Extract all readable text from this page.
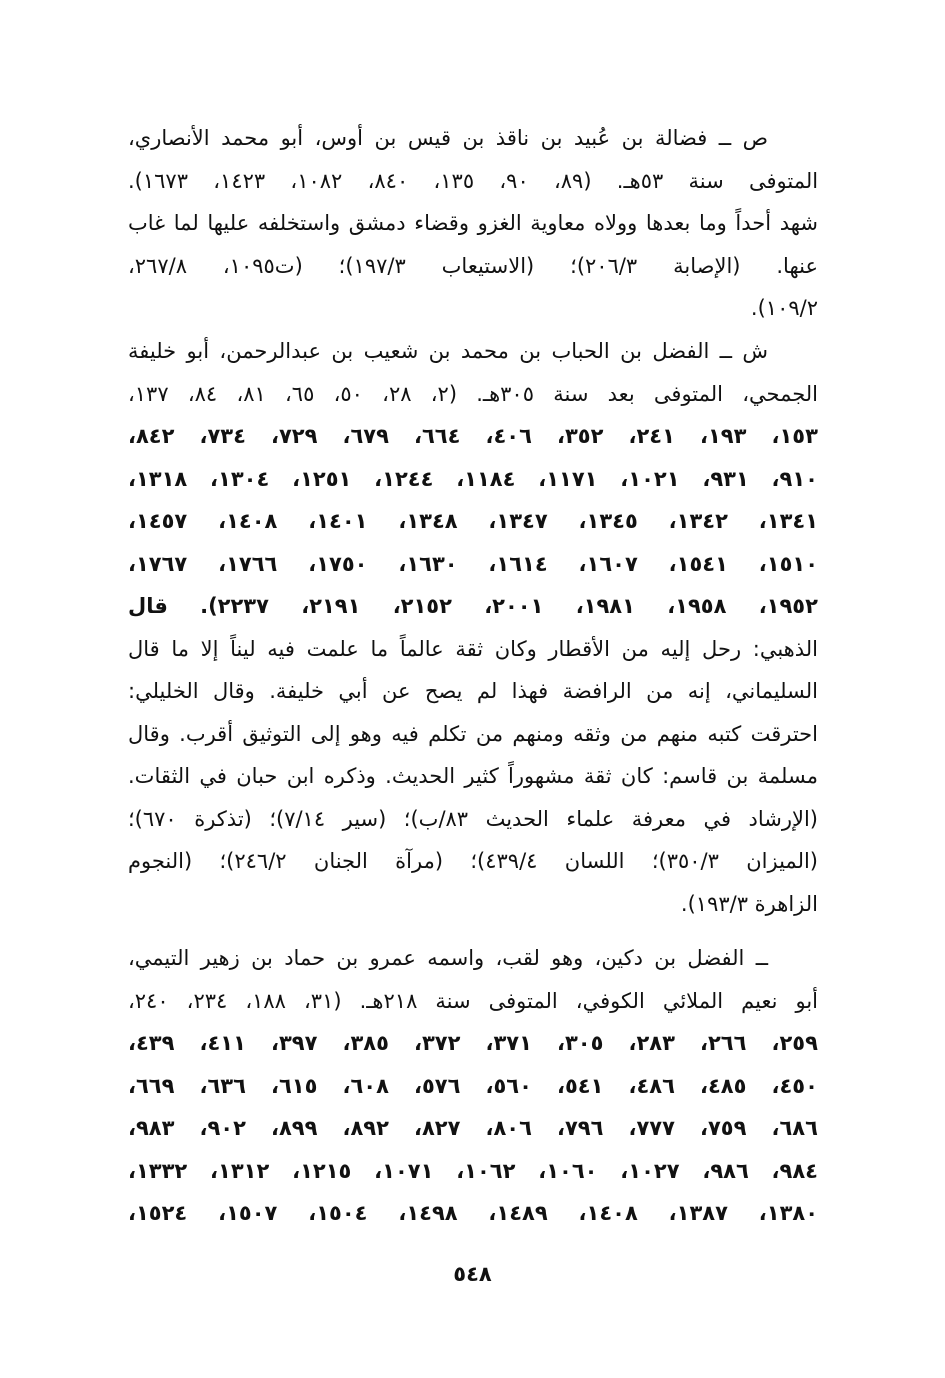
ص ــ فضالة بن عُبيد بن ناقذ بن قيس بن أوس، أبو محمد الأنصاري،
المتوفى سنة ٥٣هـ. (٨٩، ٩٠، ١٣٥، ٨٤٠، ١٠٨٢، ١٤٢٣، ١٦٧٣).
شهد أحداً وما بعدها وولاه معاوية الغزو وقضاء دمشق واستخلفه عليها لما غاب
عنها. (الإصابة ٢٠٦/٣)؛ (الاستيعاب ١٩٧/٣)؛ (ت١٠٩٥، ٢٦٧/٨،
١٠٩/٢).
ش ــ الفضل بن الحباب بن محمد بن شعيب بن عبدالرحمن، أبو خليفة
الجمحي، المتوفى بعد سنة ٣٠٥هـ. (٢، ٢٨، ٥٠، ٦٥، ٨١، ٨٤، ١٣٧،
١٥٣، ١٩٣، ٢٤١، ٣٥٢، ٤٠٦، ٦٦٤، ٦٧٩، ٧٢٩، ٧٣٤، ٨٤٢،
٩١٠، ٩٣١، ١٠٢١، ١١٧١، ١١٨٤، ١٢٤٤، ١٢٥١، ١٣٠٤، ١٣١٨،
١٣٤١، ١٣٤٢، ١٣٤٥، ١٣٤٧، ١٣٤٨، ١٤٠١، ١٤٠٨، ١٤٥٧،
١٥١٠، ١٥٤١، ١٦٠٧، ١٦١٤، ١٦٣٠، ١٧٥٠، ١٧٦٦، ١٧٦٧،
١٩٥٢، ١٩٥٨، ١٩٨١، ٢٠٠١، ٢١٥٢، ٢١٩١، ٢٢٣٧). قال
الذهبي: رحل إليه من الأقطار وكان ثقة عالماً ما علمت فيه ليناً إلا ما قال
السليماني، إنه من الرافضة فهذا لم يصح عن أبي خليفة. وقال الخليلي:
احترقت كتبه منهم من وثقه ومنهم من تكلم فيه وهو إلى التوثيق أقرب. وقال
مسلمة بن قاسم: كان ثقة مشهوراً كثير الحديث. وذكره ابن حبان في الثقات.
(الإرشاد في معرفة علماء الحديث ٨٣/ب)؛ (سير ٧/١٤)؛ (تذكرة ٦٧٠)؛
(الميزان ٣٥٠/٣)؛ اللسان ٤٣٩/٤)؛ (مرآة الجنان ٢٤٦/٢)؛ (النجوم
الزاهرة ١٩٣/٣).
ــ الفضل بن دكين، وهو لقب، واسمه عمرو بن حماد بن زهير التيمي،
أبو نعيم الملائي الكوفي، المتوفى سنة ٢١٨هـ. (٣١، ١٨٨، ٢٣٤، ٢٤٠،
٢٥٩، ٢٦٦، ٢٨٣، ٣٠٥، ٣٧١، ٣٧٢، ٣٨٥، ٣٩٧، ٤١١، ٤٣٩،
٤٥٠، ٤٨٥، ٤٨٦، ٥٤١، ٥٦٠، ٥٧٦، ٦٠٨، ٦١٥، ٦٣٦، ٦٦٩،
٦٨٦، ٧٥٩، ٧٧٧، ٧٩٦، ٨٠٦، ٨٢٧، ٨٩٢، ٨٩٩، ٩٠٢، ٩٨٣،
٩٨٤، ٩٨٦، ١٠٢٧، ١٠٦٠، ١٠٦٢، ١٠٧١، ١٢١٥، ١٣١٢، ١٣٣٢،
١٣٨٠، ١٣٨٧، ١٤٠٨، ١٤٨٩، ١٤٩٨، ١٥٠٤، ١٥٠٧، ١٥٢٤،
٥٤٨
